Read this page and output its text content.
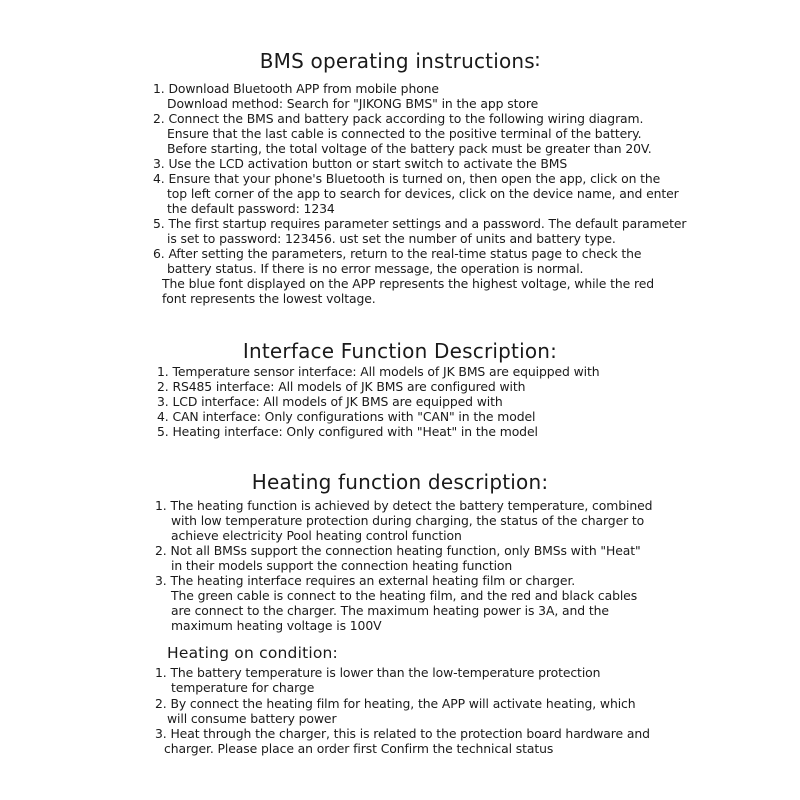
BMS operating instructions∶
1. Download Bluetooth APP from mobile phone
Download method: Search for "JIKONG BMS" in the app store
2. Connect the BMS and battery pack according to the following wiring diagram.
Ensure that the last cable is connected to the positive terminal of the battery.
Before starting, the total voltage of the battery pack must be greater than 20V.
3. Use the LCD activation button or start switch to activate the BMS
4. Ensure that your phone's Bluetooth is turned on, then open the app, click on the
top left corner of the app to search for devices, click on the device name, and enter
the default password: 1234
5. The first startup requires parameter settings and a password. The default parameter
is set to password: 123456. ust set the number of units and battery type.
6. After setting the parameters, return to the real-time status page to check the
battery status. If there is no error message, the operation is normal.
The blue font displayed on the APP represents the highest voltage, while the red
font represents the lowest voltage.
Interface Function Description:
1. Temperature sensor interface: All models of JK BMS are equipped with
2. RS485 interface: All models of JK BMS are configured with
3. LCD interface: All models of JK BMS are equipped with
4. CAN interface: Only configurations with "CAN" in the model
5. Heating interface: Only configured with "Heat" in the model
Heating function description:
1. The heating function is achieved by detect the battery temperature, combined
with low temperature protection during charging, the status of the charger to
achieve electricity Pool heating control function
2. Not all BMSs support the connection heating function, only BMSs with "Heat"
in their models support the connection heating function
3. The heating interface requires an external heating film or charger.
The green cable is connect to the heating film, and the red and black cables
are connect to the charger. The maximum heating power is 3A, and the
maximum heating voltage is 100V
Heating on condition:
1. The battery temperature is lower than the low-temperature protection
temperature for charge
2. By connect the heating film for heating, the APP will activate heating, which
will consume battery power
3. Heat through the charger, this is related to the protection board hardware and
charger. Please place an order first Confirm the technical status
